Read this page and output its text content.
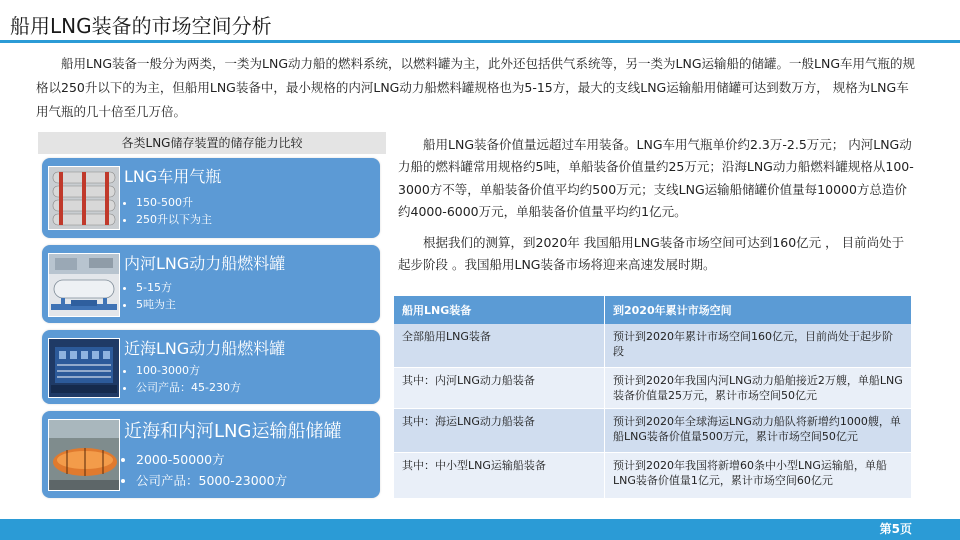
船用LNG装备的市场空间分析
船用LNG装备一般分为两类，一类为LNG动力船的燃料系统，以燃料罐为主，此外还包括供气系统等，另一类为LNG运输船的储罐。一般LNG车用气瓶的规格以250升以下的为主，但船用LNG装备中，最小规格的内河LNG动力船燃料罐规格也为5-15方，最大的支线LNG运输船用储罐可达到数万方， 规格为LNG车用气瓶的几十倍至几万倍。
各类LNG储存装置的储存能力比较
LNG车用气瓶
• 150-500升
• 250升以下为主
内河LNG动力船燃料罐
• 5-15方
• 5吨为主
近海LNG动力船燃料罐
• 100-3000方
• 公司产品：45-230方
近海和内河LNG运输船储罐
• 2000-50000方
• 公司产品：5000-23000方
船用LNG装备价值量远超过车用装备。LNG车用气瓶单价约2.3万-2.5万元； 内河LNG动力船的燃料罐常用规格约5吨，单船装备价值量约25万元；沿海LNG动力船燃料罐规格从100-3000方不等，单船装备价值平均约500万元；支线LNG运输船储罐价值量每10000方总造价约4000-6000万元，单船装备价值量平均约1亿元。
根据我们的测算，到2020年 我国船用LNG装备市场空间可达到160亿元 ， 目前尚处于起步阶段 。我国船用LNG装备市场将迎来高速发展时期。
船用LNG装备	到2020年累计市场空间
全部船用LNG装备	预计到2020年累计市场空间160亿元，目前尚处于起步阶段
其中：内河LNG动力船装备	预计到2020年我国内河LNG动力船舶接近2万艘，单船LNG装备价值量25万元，累计市场空间50亿元
其中：海运LNG动力船装备	预计到2020年全球海运LNG动力船队将新增约1000艘，单船LNG装备价值量500万元，累计市场空间50亿元
其中：中小型LNG运输船装备	预计到2020年我国将新增60条中小型LNG运输船，单船LNG装备价值量1亿元，累计市场空间60亿元
第5页
